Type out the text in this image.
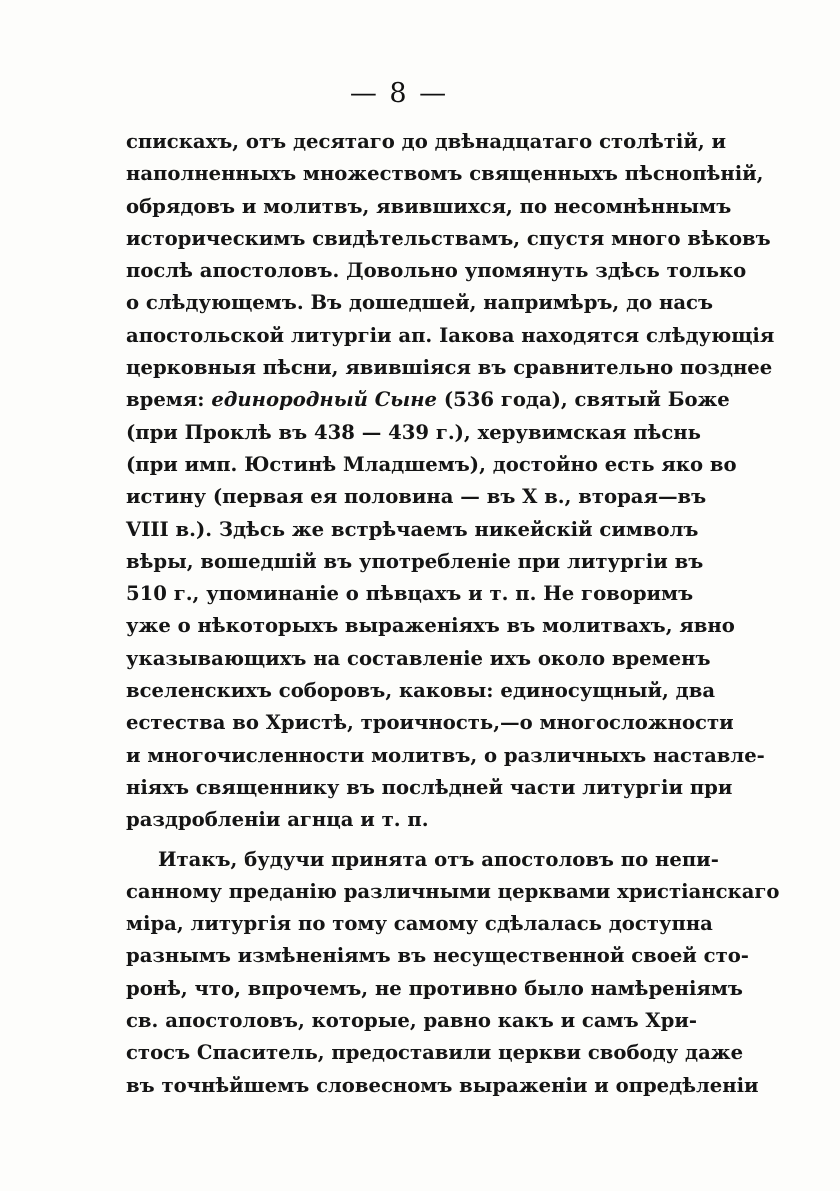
— 8 —
спискахъ, отъ десятаго до двѣнадцатаго столѣтій, и
наполненныхъ множествомъ священныхъ пѣснопѣній,
обрядовъ и молитвъ, явившихся, по несомнѣннымъ
историческимъ свидѣтельствамъ, спустя много вѣковъ
послѣ апостоловъ. Довольно упомянуть здѣсь только
о слѣдующемъ. Въ дошедшей, напримѣръ, до насъ
апостольской литургіи ап. Іакова находятся слѣдующія
церковныя пѣсни, явившіяся въ сравнительно позднее
время: единородный Сыне (536 года), святый Боже
(при Проклѣ въ 438 — 439 г.), херувимская пѣснь
(при имп. Юстинѣ Младшемъ), достойно есть яко во
истину (первая ея половина — въ X в., вторая—въ
VIII в.). Здѣсь же встрѣчаемъ никейскій символъ
вѣры, вошедшій въ употребленіе при литургіи въ
510 г., упоминаніе о пѣвцахъ и т. п. Не говоримъ
уже о нѣкоторыхъ выраженіяхъ въ молитвахъ, явно
указывающихъ на составленіе ихъ около временъ
вселенскихъ соборовъ, каковы: единосущный, два
естества во Христѣ, троичность,—о многосложности
и многочисленности молитвъ, о различныхъ наставле-
ніяхъ священнику въ послѣдней части литургіи при
раздробленіи агнца и т. п.
Итакъ, будучи принята отъ апостоловъ по непи-
санному преданію различными церквами христіанскаго
міра, литургія по тому самому сдѣлалась доступна
разнымъ измѣненіямъ въ несущественной своей сто-
ронѣ, что, впрочемъ, не противно было намѣреніямъ
св. апостоловъ, которые, равно какъ и самъ Хри-
стосъ Спаситель, предоставили церкви свободу даже
въ точнѣйшемъ словесномъ выраженіи и опредѣленіи
